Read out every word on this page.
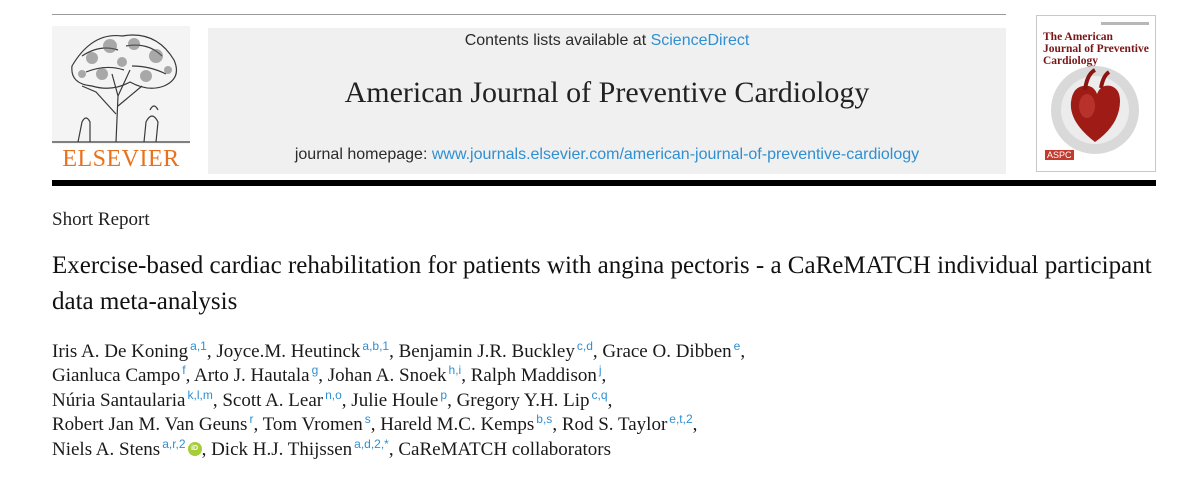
ELSEVIER
Contents lists available at ScienceDirect
American Journal of Preventive Cardiology
journal homepage: www.journals.elsevier.com/american-journal-of-preventive-cardiology
The American Journal of Preventive Cardiology
ASPC
Short Report
Exercise-based cardiac rehabilitation for patients with angina pectoris - a CaReMATCH individual participant data meta-analysis
Iris A. De Koning $^{a,1}$, Joyce.M. Heutinck $^{a,b,1}$, Benjamin J.R. Buckley $^{c,d}$, Grace O. Dibben $^e$,
Gianluca Campo $^f$, Arto J. Hautala $^g$, Johan A. Snoek $^{h,i}$, Ralph Maddison $^j$,
Núria Santaularia $^{k,l,m}$, Scott A. Lear $^{n,o}$, Julie Houle $^p$, Gregory Y.H. Lip $^{c,q}$,
Robert Jan M. Van Geuns $^r$, Tom Vromen $^s$, Hareld M.C. Kemps $^{b,s}$, Rod S. Taylor $^{e,t,2}$,
Niels A. Stens $^{a,r,2}$ iD , Dick H.J. Thijssen $^{a,d,2,*}$, CaReMATCH collaborators
